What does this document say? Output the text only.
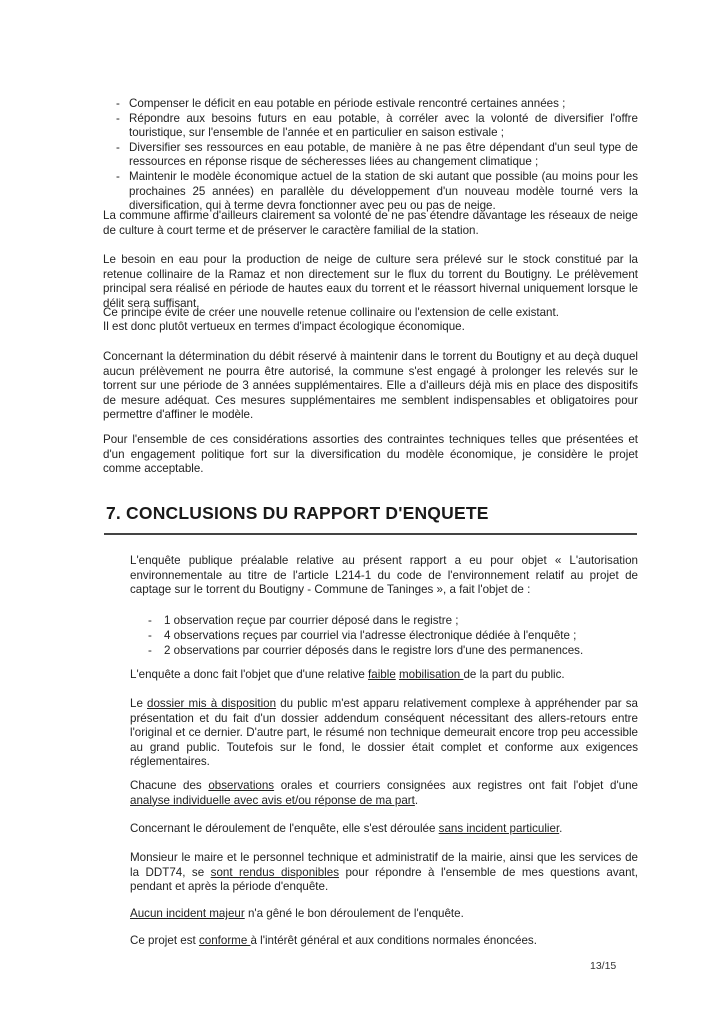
- Compenser le déficit en eau potable en période estivale rencontré certaines années ;
- Répondre aux besoins futurs en eau potable, à corréler avec la volonté de diversifier l'offre touristique, sur l'ensemble de l'année et en particulier en saison estivale ;
- Diversifier ses ressources en eau potable, de manière à ne pas être dépendant d'un seul type de ressources en réponse risque de sécheresses liées au changement climatique ;
- Maintenir le modèle économique actuel de la station de ski autant que possible (au moins pour les prochaines 25 années) en parallèle du développement d'un nouveau modèle tourné vers la diversification, qui à terme devra fonctionner avec peu ou pas de neige.

La commune affirme d'ailleurs clairement sa volonté de ne pas étendre davantage les réseaux de neige de culture à court terme et de préserver le caractère familial de la station.

Le besoin en eau pour la production de neige de culture sera prélevé sur le stock constitué par la retenue collinaire de la Ramaz et non directement sur le flux du torrent du Boutigny. Le prélèvement principal sera réalisé en période de hautes eaux du torrent et le réassort hivernal uniquement lorsque le délit sera suffisant.

Ce principe évite de créer une nouvelle retenue collinaire ou l'extension de celle existant.

Il est donc plutôt vertueux en termes d'impact écologique économique.

Concernant la détermination du débit réservé à maintenir dans le torrent du Boutigny et au deçà duquel aucun prélèvement ne pourra être autorisé, la commune s'est engagé à prolonger les relevés sur le torrent sur une période de 3 années supplémentaires. Elle a d'ailleurs déjà mis en place des dispositifs de mesure adéquat. Ces mesures supplémentaires me semblent indispensables et obligatoires pour permettre d'affiner le modèle.

Pour l'ensemble de ces considérations assorties des contraintes techniques telles que présentées et d'un engagement politique fort sur la diversification du modèle économique, je considère le projet comme acceptable.

7. CONCLUSIONS DU RAPPORT D'ENQUETE

L'enquête publique préalable relative au présent rapport a eu pour objet « L'autorisation environnementale au titre de l'article L214-1 du code de l'environnement relatif au projet de captage sur le torrent du Boutigny - Commune de Taninges », a fait l'objet de :

- 1 observation reçue par courrier déposé dans le registre ;
- 4 observations reçues par courriel via l'adresse électronique dédiée à l'enquête ;
- 2 observations par courrier déposés dans le registre lors d'une des permanences.

L'enquête a donc fait l'objet que d'une relative faible mobilisation de la part du public.

Le dossier mis à disposition du public m'est apparu relativement complexe à appréhender par sa présentation et du fait d'un dossier addendum conséquent nécessitant des allers-retours entre l'original et ce dernier. D'autre part, le résumé non technique demeurait encore trop peu accessible au grand public. Toutefois sur le fond, le dossier était complet et conforme aux exigences réglementaires.

Chacune des observations orales et courriers consignées aux registres ont fait l'objet d'une analyse individuelle avec avis et/ou réponse de ma part.

Concernant le déroulement de l'enquête, elle s'est déroulée sans incident particulier.

Monsieur le maire et le personnel technique et administratif de la mairie, ainsi que les services de la DDT74, se sont rendus disponibles pour répondre à l'ensemble de mes questions avant, pendant et après la période d'enquête.

Aucun incident majeur n'a gêné le bon déroulement de l'enquête.

Ce projet est conforme à l'intérêt général et aux conditions normales énoncées.

13/15
